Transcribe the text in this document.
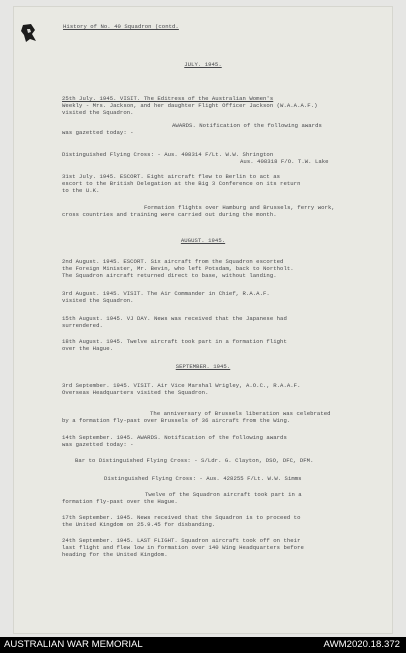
History of No. 40 Squadron (contd.
JULY. 1945.
25th July. 1945. VISIT. The Editress of the Australian Women's
Weekly - Mrs. Jackson, and her daughter Flight Officer Jackson (W.A.A.A.F.)
visited the Squadron.
AWARDS. Notification of the following awards
was gazetted today: -
Distinguished Flying Cross: - Aus. 408314 F/Lt. W.W. Shrington
Aus. 408318 F/O. T.W. Lake
31st July. 1945. ESCORT. Eight aircraft flew to Berlin to act as
escort to the British Delegation at the Big 3 Conference on its return
to the U.K.
Formation flights over Hamburg and Brussels, ferry work,
cross countries and training were carried out during the month.
AUGUST. 1945.
2nd August. 1945. ESCORT. Six aircraft from the Squadron escorted
the Foreign Minister, Mr. Bevin, who left Potsdam, back to Northolt.
The Squadron aircraft returned direct to base, without landing.
3rd August. 1945. VISIT. The Air Commander in Chief, R.A.A.F.
visited the Squadron.
15th August. 1945. VJ DAY. News was received that the Japanese had
surrendered.
18th August. 1945. Twelve aircraft took part in a formation flight
over the Hague.
SEPTEMBER. 1945.
3rd September. 1945. VISIT. Air Vice Marshal Wrigley, A.O.C., R.A.A.F.
Overseas Headquarters visited the Squadron.
The anniversary of Brussels liberation was celebrated
by a formation fly-past over Brussels of 36 aircraft from the Wing.
14th September. 1945. AWARDS. Notification of the following awards
was gazetted today: -
Bar to Distinguished Flying Cross: - S/Ldr. G. Clayton, DSO, DFC, DFM.
Distinguished Flying Cross: - Aus. 428255 F/Lt. W.W. Simms
Twelve of the Squadron aircraft took part in a
formation fly-past over the Hague.
17th September. 1945. News received that the Squadron is to proceed to
the United Kingdom on 25.9.45 for disbanding.
24th September. 1945. LAST FLIGHT. Squadron aircraft took off on their
last flight and flew low in formation over 140 Wing Headquarters before
heading for the United Kingdom.
AUSTRALIAN WAR MEMORIAL	AWM2020.18.372
